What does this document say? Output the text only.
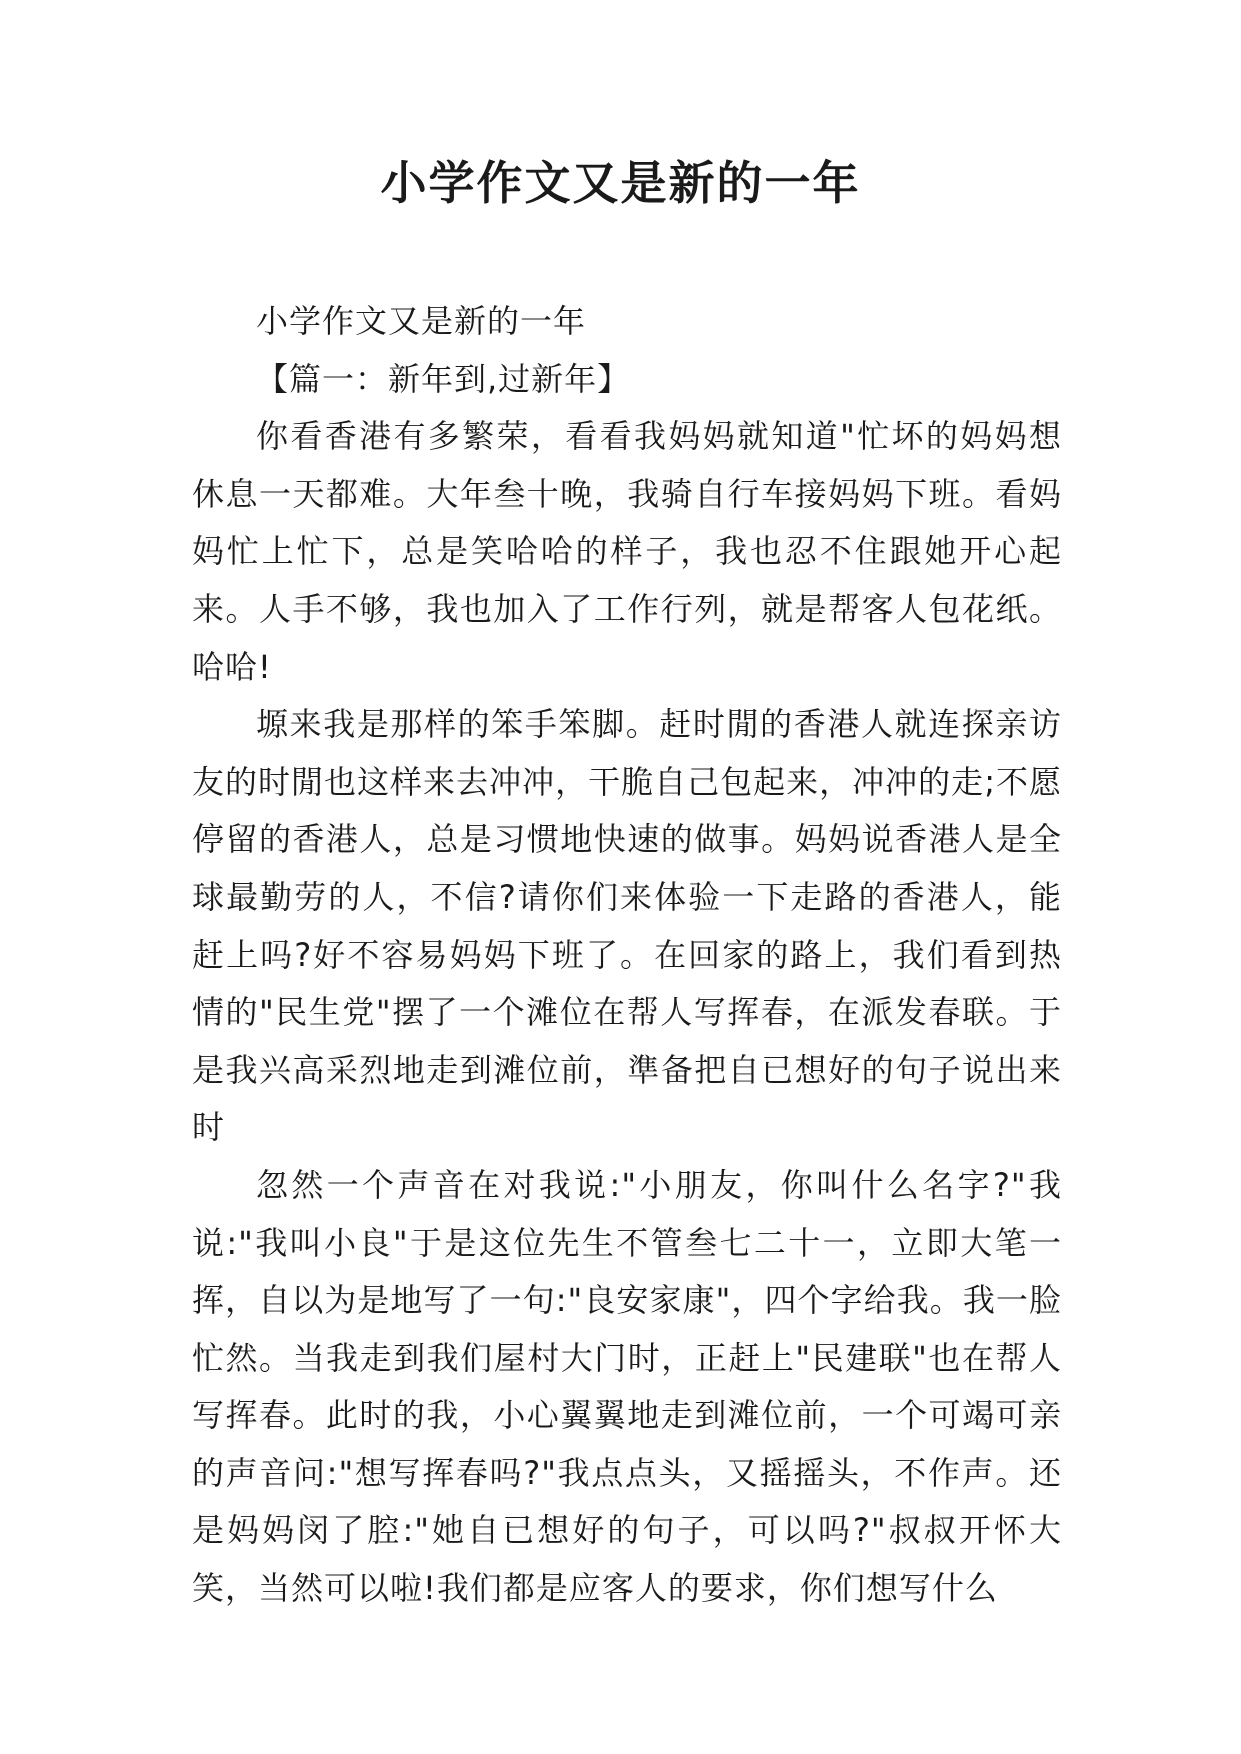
小学作文又是新的一年

小学作文又是新的一年

【篇一：新年到,过新年】

你看香港有多繁荣，看看我妈妈就知道"忙坏的妈妈想休息一天都难。大年叁十晚，我骑自行车接妈妈下班。看妈妈忙上忙下，总是笑哈哈的样子，我也忍不住跟她开心起来。人手不够，我也加入了工作行列，就是帮客人包花纸。哈哈!

塬来我是那样的笨手笨脚。赶时閒的香港人就连探亲访友的时閒也这样来去冲冲，干脆自己包起来，冲冲的走;不愿停留的香港人，总是习惯地快速的做事。妈妈说香港人是全球最勤劳的人，不信?请你们来体验一下走路的香港人，能赶上吗?好不容易妈妈下班了。在回家的路上，我们看到热情的"民生党"摆了一个滩位在帮人写挥春，在派发春联。于是我兴高采烈地走到滩位前，準备把自已想好的句子说出来时

忽然一个声音在对我说:"小朋友，你叫什么名字?"我说:"我叫小良"于是这位先生不管叁七二十一，立即大笔一挥，自以为是地写了一句:"良安家康"，四个字给我。我一脸忙然。当我走到我们屋村大门时，正赶上"民建联"也在帮人写挥春。此时的我，小心翼翼地走到滩位前，一个可竭可亲的声音问:"想写挥春吗?"我点点头，又摇摇头，不作声。还是妈妈闵了腔:"她自已想好的句子，可以吗?"叔叔开怀大笑，当然可以啦!我们都是应客人的要求，你们想写什么
